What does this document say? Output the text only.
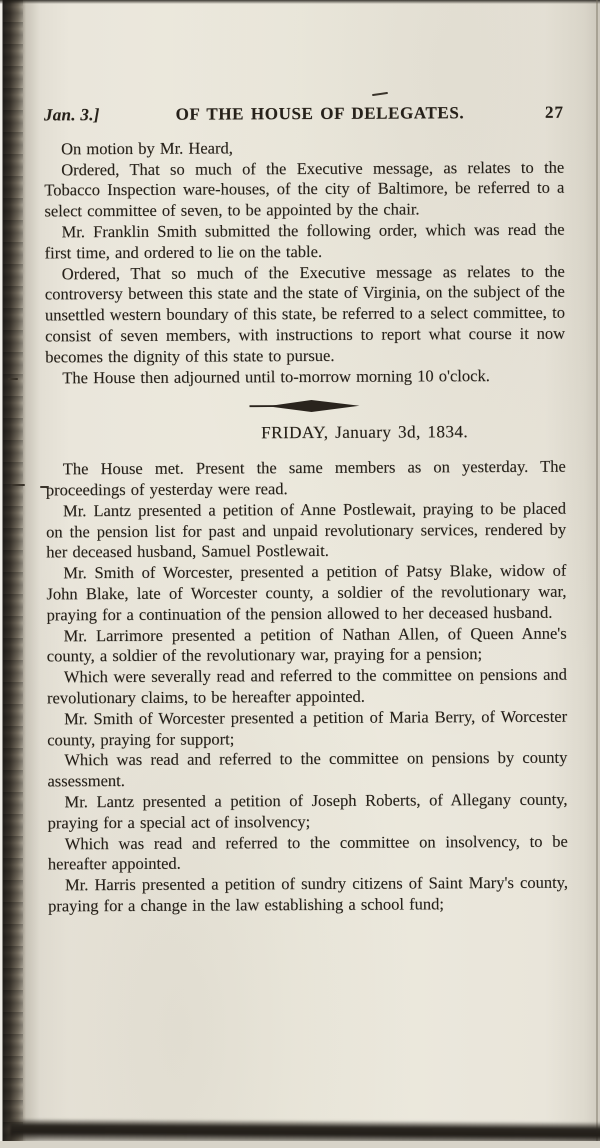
Jan. 3.]	OF THE HOUSE OF DELEGATES.	27

On motion by Mr. Heard,

Ordered, That so much of the Executive message, as relates to the Tobacco Inspection ware-houses, of the city of Baltimore, be referred to a select committee of seven, to be appointed by the chair.

Mr. Franklin Smith submitted the following order, which was read the first time, and ordered to lie on the table.

Ordered, That so much of the Executive message as relates to the controversy between this state and the state of Virginia, on the subject of the unsettled western boundary of this state, be referred to a select committee, to consist of seven members, with instructions to report what course it now becomes the dignity of this state to pursue.

The House then adjourned until to-morrow morning 10 o'clock.

FRIDAY, January 3d, 1834.

The House met. Present the same members as on yesterday. The proceedings of yesterday were read.

Mr. Lantz presented a petition of Anne Postlewait, praying to be placed on the pension list for past and unpaid revolutionary services, rendered by her deceased husband, Samuel Postlewait.

Mr. Smith of Worcester, presented a petition of Patsy Blake, widow of John Blake, late of Worcester county, a soldier of the revolutionary war, praying for a continuation of the pension allowed to her deceased husband.

Mr. Larrimore presented a petition of Nathan Allen, of Queen Anne's county, a soldier of the revolutionary war, praying for a pension;

Which were severally read and referred to the committee on pensions and revolutionary claims, to be hereafter appointed.

Mr. Smith of Worcester presented a petition of Maria Berry, of Worcester county, praying for support;

Which was read and referred to the committee on pensions by county assessment.

Mr. Lantz presented a petition of Joseph Roberts, of Allegany county, praying for a special act of insolvency;

Which was read and referred to the committee on insolvency, to be hereafter appointed.

Mr. Harris presented a petition of sundry citizens of Saint Mary's county, praying for a change in the law establishing a school fund;
